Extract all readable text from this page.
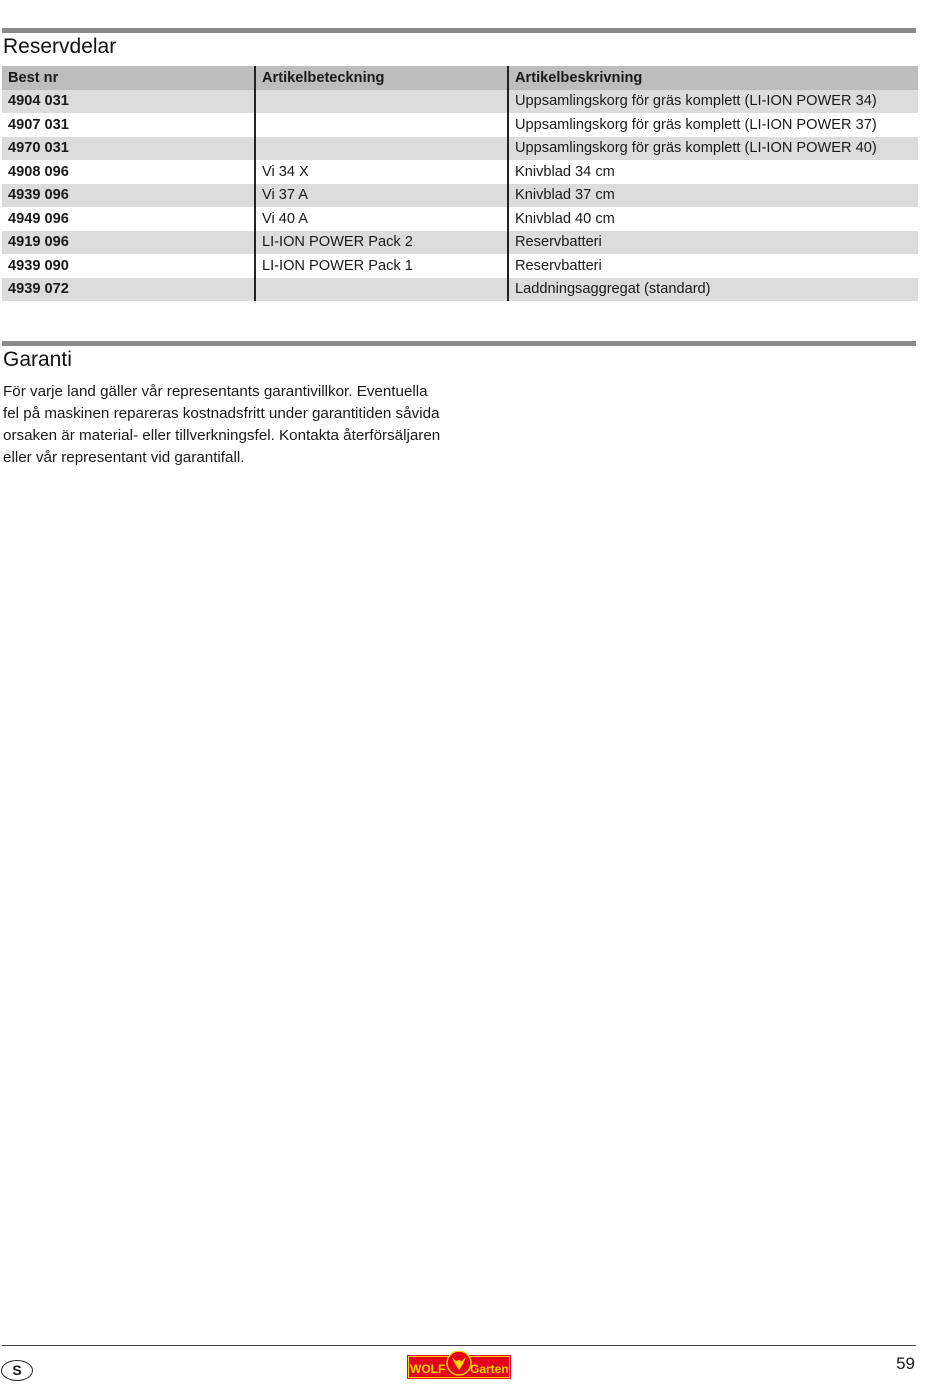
Reservdelar
Best nr	Artikelbeteckning	Artikelbeskrivning
4904 031		Uppsamlingskorg för gräs komplett (LI-ION POWER 34)
4907 031		Uppsamlingskorg för gräs komplett (LI-ION POWER 37)
4970 031		Uppsamlingskorg för gräs komplett (LI-ION POWER 40)
4908 096	Vi 34 X	Knivblad 34 cm
4939 096	Vi 37 A	Knivblad 37 cm
4949 096	Vi 40 A	Knivblad 40 cm
4919 096	LI-ION POWER Pack 2	Reservbatteri
4939 090	LI-ION POWER Pack 1	Reservbatteri
4939 072		Laddningsaggregat (standard)
Garanti

För varje land gäller vår representants garantivillkor. Eventuella
fel på maskinen repareras kostnadsfritt under garantitiden såvida
orsaken är material- eller tillverkningsfel. Kontakta återförsäljaren
eller vår representant vid garantifall.

S	WOLF Garten	59
